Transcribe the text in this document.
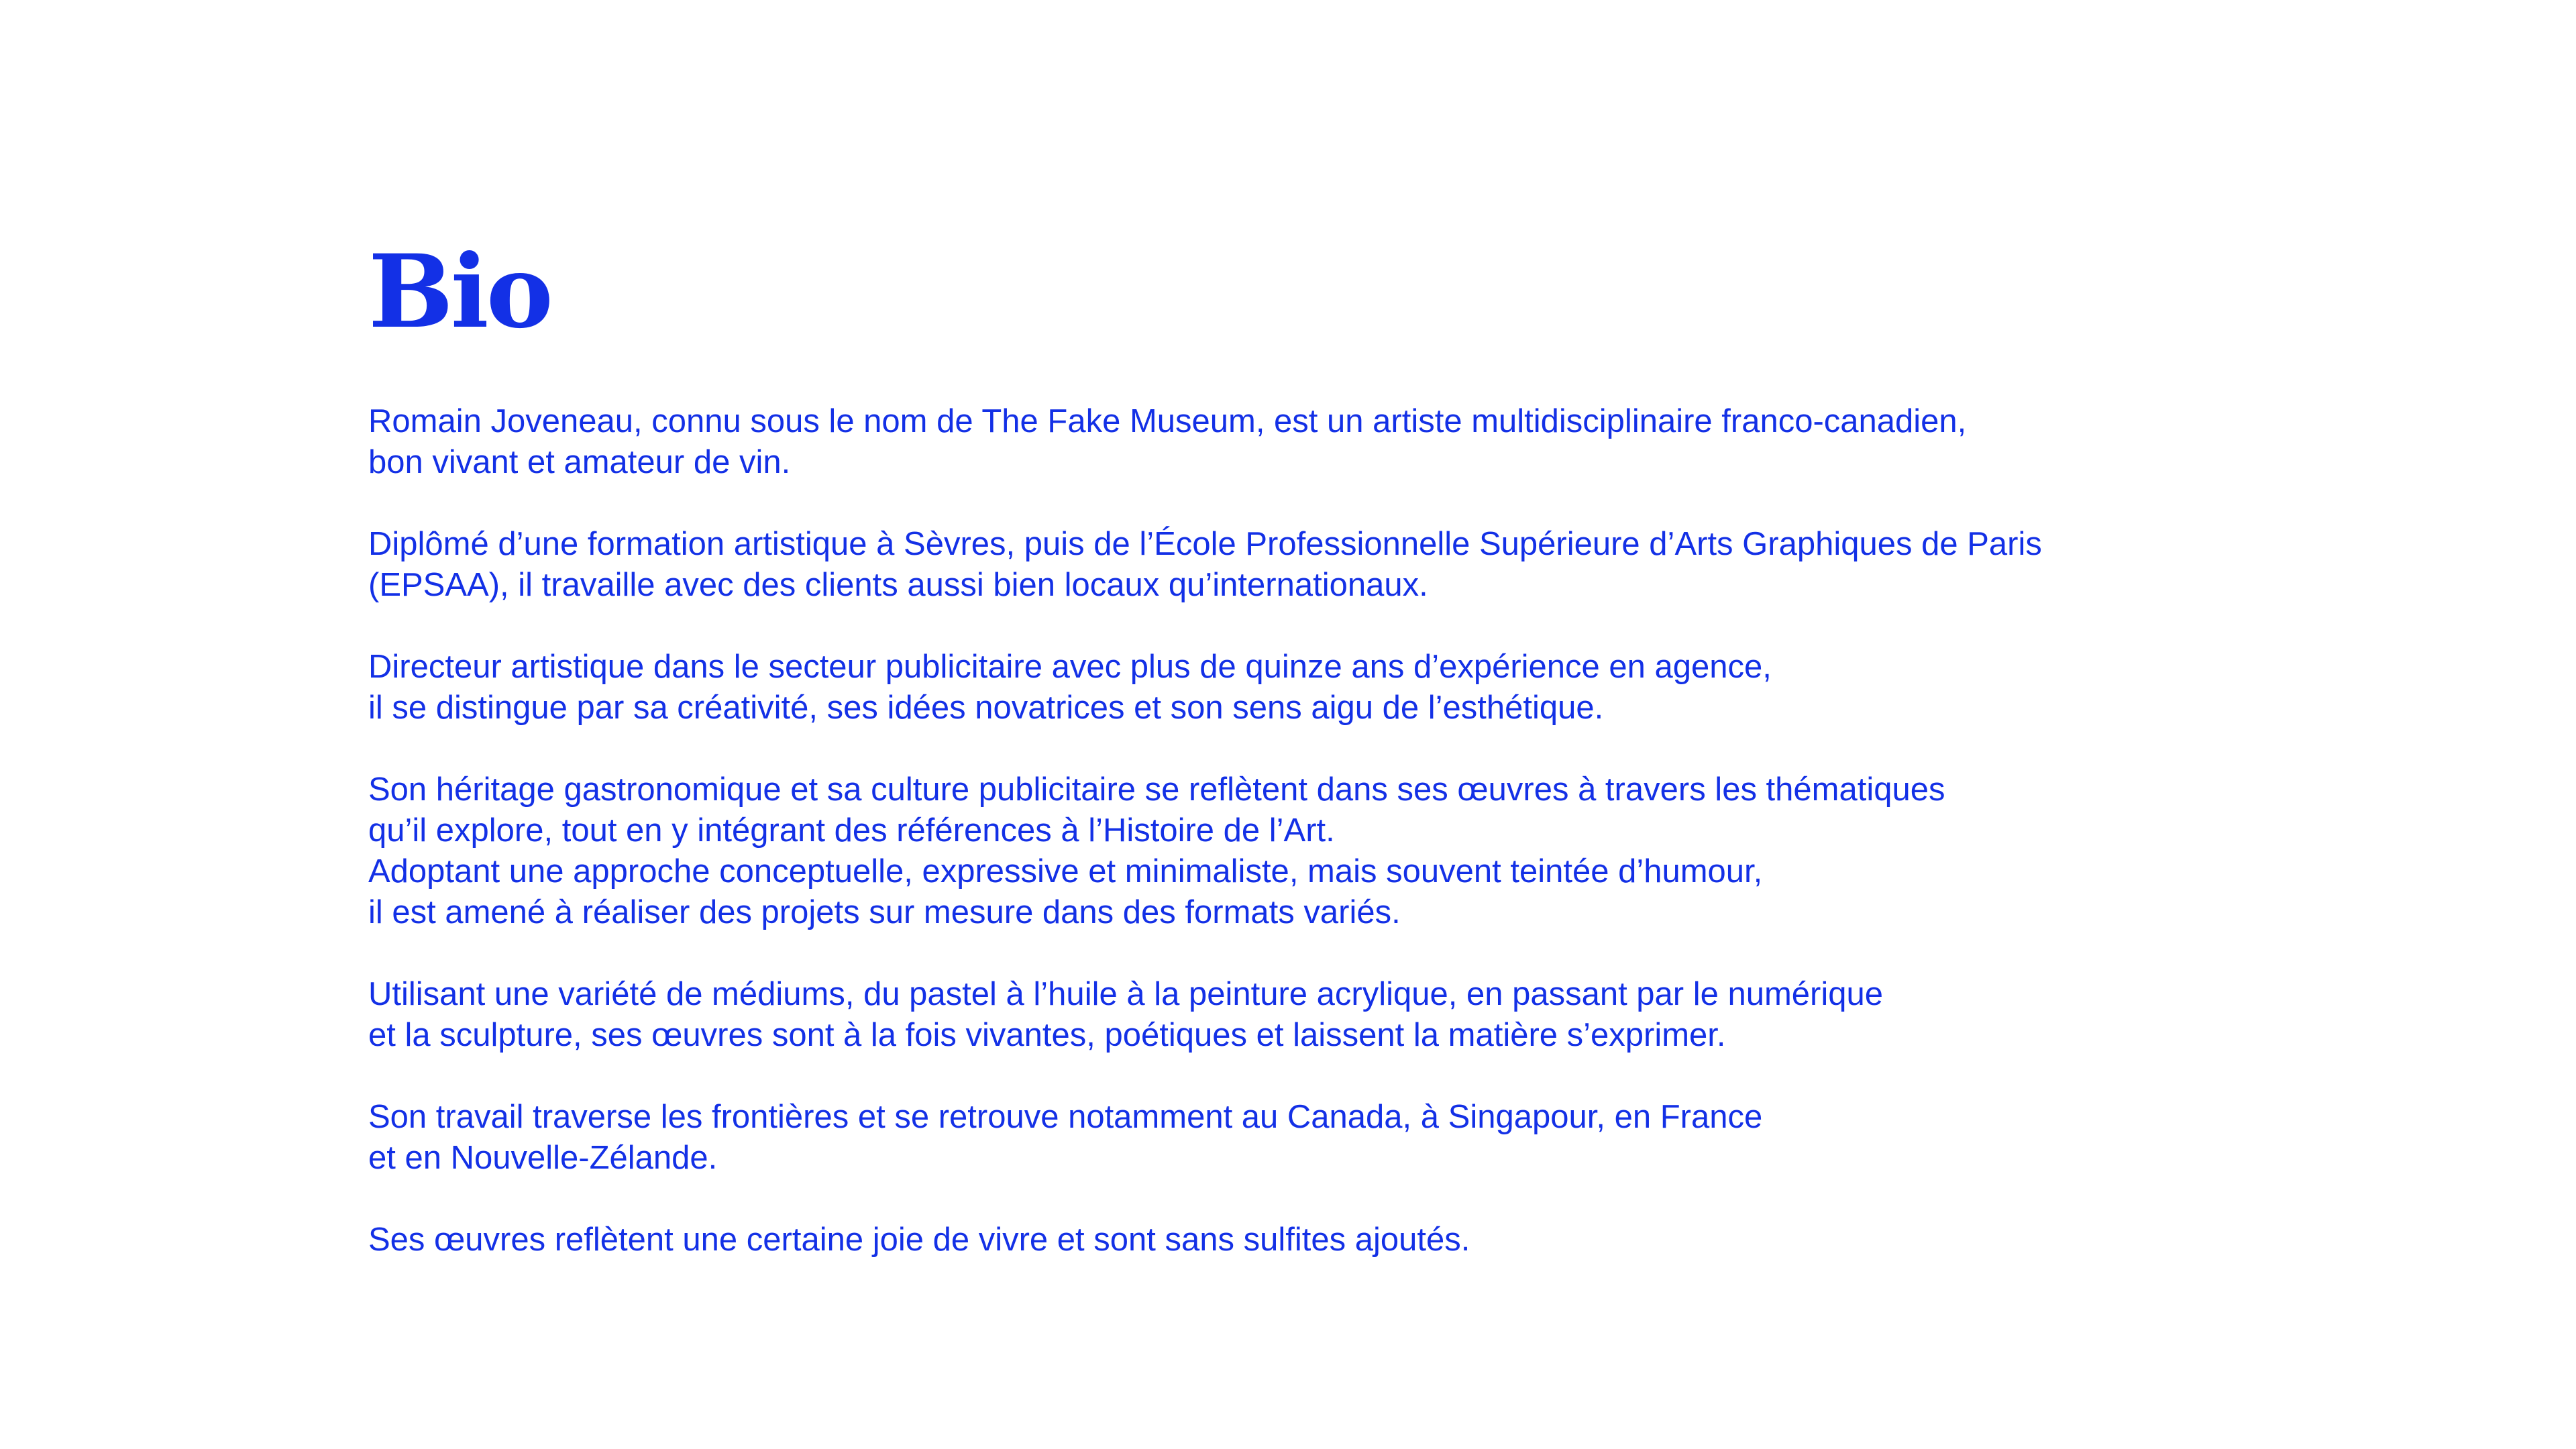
Bio

Romain Joveneau, connu sous le nom de The Fake Museum, est un artiste multidisciplinaire franco-canadien,
bon vivant et amateur de vin.

Diplômé d’une formation artistique à Sèvres, puis de l’École Professionnelle Supérieure d’Arts Graphiques de Paris
(EPSAA), il travaille avec des clients aussi bien locaux qu’internationaux.

Directeur artistique dans le secteur publicitaire avec plus de quinze ans d’expérience en agence,
il se distingue par sa créativité, ses idées novatrices et son sens aigu de l’esthétique.

Son héritage gastronomique et sa culture publicitaire se reflètent dans ses œuvres à travers les thématiques
qu’il explore, tout en y intégrant des références à l’Histoire de l’Art.
Adoptant une approche conceptuelle, expressive et minimaliste, mais souvent teintée d’humour,
il est amené à réaliser des projets sur mesure dans des formats variés.

Utilisant une variété de médiums, du pastel à l’huile à la peinture acrylique, en passant par le numérique
et la sculpture, ses œuvres sont à la fois vivantes, poétiques et laissent la matière s’exprimer.

Son travail traverse les frontières et se retrouve notamment au Canada, à Singapour, en France
et en Nouvelle-Zélande.

Ses œuvres reflètent une certaine joie de vivre et sont sans sulfites ajoutés.
